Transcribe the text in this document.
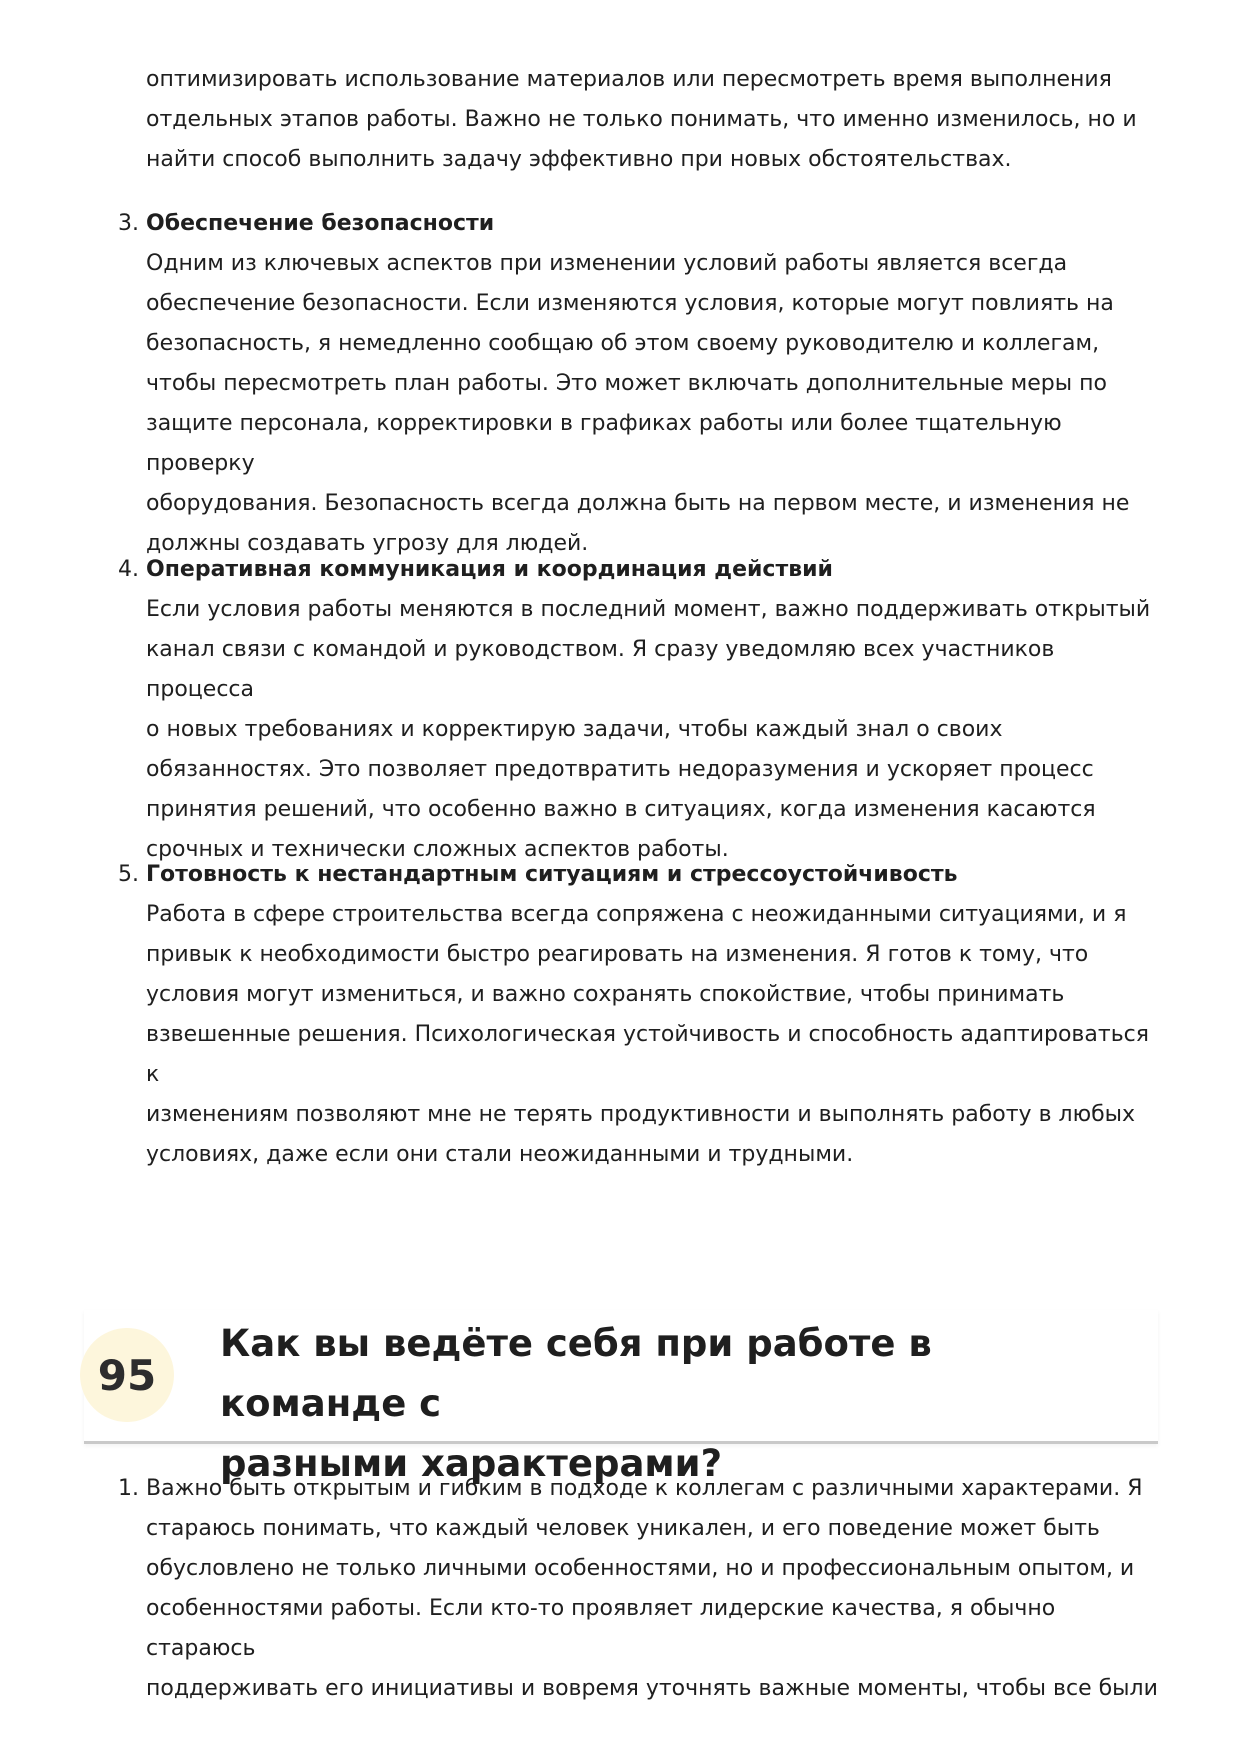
оптимизировать использование материалов или пересмотреть время выполнения

отдельных этапов работы. Важно не только понимать, что именно изменилось, но и

найти способ выполнить задачу эффективно при новых обстоятельствах.

3. Обеспечение безопасности

Одним из ключевых аспектов при изменении условий работы является всегда

обеспечение безопасности. Если изменяются условия, которые могут повлиять на

безопасность, я немедленно сообщаю об этом своему руководителю и коллегам,

чтобы пересмотреть план работы. Это может включать дополнительные меры по

защите персонала, корректировки в графиках работы или более тщательную проверку

оборудования. Безопасность всегда должна быть на первом месте, и изменения не

должны создавать угрозу для людей.

4. Оперативная коммуникация и координация действий

Если условия работы меняются в последний момент, важно поддерживать открытый

канал связи с командой и руководством. Я сразу уведомляю всех участников процесса

о новых требованиях и корректирую задачи, чтобы каждый знал о своих

обязанностях. Это позволяет предотвратить недоразумения и ускоряет процесс

принятия решений, что особенно важно в ситуациях, когда изменения касаются

срочных и технически сложных аспектов работы.

5. Готовность к нестандартным ситуациям и стрессоустойчивость

Работа в сфере строительства всегда сопряжена с неожиданными ситуациями, и я

привык к необходимости быстро реагировать на изменения. Я готов к тому, что

условия могут измениться, и важно сохранять спокойствие, чтобы принимать

взвешенные решения. Психологическая устойчивость и способность адаптироваться к

изменениям позволяют мне не терять продуктивности и выполнять работу в любых

условиях, даже если они стали неожиданными и трудными.

95
Как вы ведёте себя при работе в команде с
разными характерами?
1. Важно быть открытым и гибким в подходе к коллегам с различными характерами. Я

стараюсь понимать, что каждый человек уникален, и его поведение может быть

обусловлено не только личными особенностями, но и профессиональным опытом, и

особенностями работы. Если кто-то проявляет лидерские качества, я обычно стараюсь

поддерживать его инициативы и вовремя уточнять важные моменты, чтобы все были
